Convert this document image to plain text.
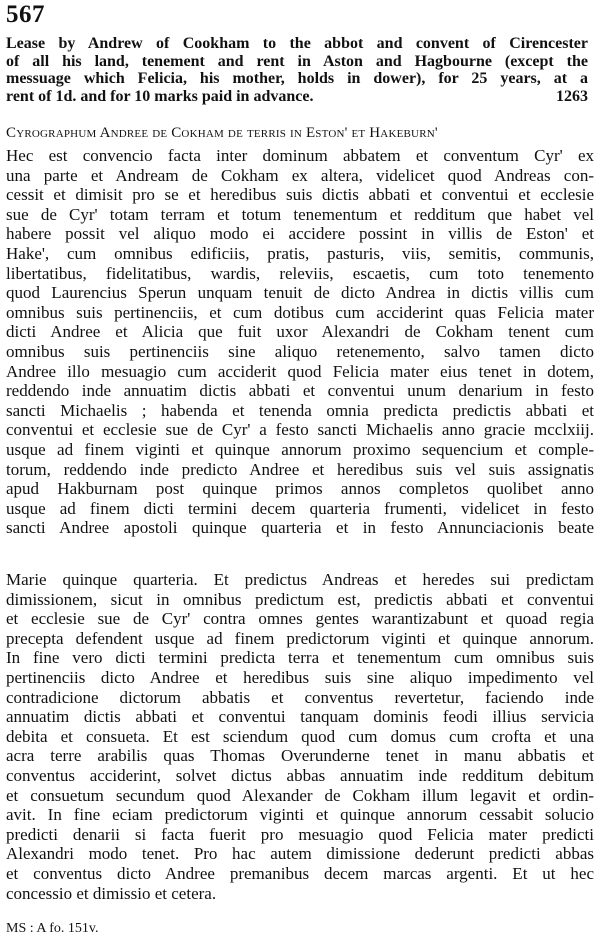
567
Lease by Andrew of Cookham to the abbot and convent of Cirencester
of all his land, tenement and rent in Aston and Hagbourne (except the
messuage which Felicia, his mother, holds in dower), for 25 years, at a
rent of 1d. and for 10 marks paid in advance.	1263
Cyrographum Andree de Cokham de terris in Eston' et Hakeburn'
Hec est convencio facta inter dominum abbatem et conventum Cyr' ex
una parte et Andream de Cokham ex altera, videlicet quod Andreas con-
cessit et dimisit pro se et heredibus suis dictis abbati et conventui et ecclesie
sue de Cyr' totam terram et totum tenementum et redditum que habet vel
habere possit vel aliquo modo ei accidere possint in villis de Eston' et
Hake', cum omnibus edificiis, pratis, pasturis, viis, semitis, communis,
libertatibus, fidelitatibus, wardis, releviis, escaetis, cum toto tenemento
quod Laurencius Sperun unquam tenuit de dicto Andrea in dictis villis cum
omnibus suis pertinenciis, et cum dotibus cum acciderint quas Felicia mater
dicti Andree et Alicia que fuit uxor Alexandri de Cokham tenent cum
omnibus suis pertinenciis sine aliquo retenemento, salvo tamen dicto
Andree illo mesuagio cum acciderit quod Felicia mater eius tenet in dotem,
reddendo inde annuatim dictis abbati et conventui unum denarium in festo
sancti Michaelis ; habenda et tenenda omnia predicta predictis abbati et
conventui et ecclesie sue de Cyr' a festo sancti Michaelis anno gracie mcclxiij.
usque ad finem viginti et quinque annorum proximo sequencium et comple-
torum, reddendo inde predicto Andree et heredibus suis vel suis assignatis
apud Hakburnam post quinque primos annos completos quolibet anno
usque ad finem dicti termini decem quarteria frumenti, videlicet in festo
sancti Andree apostoli quinque quarteria et in festo Annunciacionis beate
Marie quinque quarteria. Et predictus Andreas et heredes sui predictam
dimissionem, sicut in omnibus predictum est, predictis abbati et conventui
et ecclesie sue de Cyr' contra omnes gentes warantizabunt et quoad regia
precepta defendent usque ad finem predictorum viginti et quinque annorum.
In fine vero dicti termini predicta terra et tenementum cum omnibus suis
pertinenciis dicto Andree et heredibus suis sine aliquo impedimento vel
contradicione dictorum abbatis et conventus revertetur, faciendo inde
annuatim dictis abbati et conventui tanquam dominis feodi illius servicia
debita et consueta. Et est sciendum quod cum domus cum crofta et una
acra terre arabilis quas Thomas Overunderne tenet in manu abbatis et
conventus acciderint, solvet dictus abbas annuatim inde redditum debitum
et consuetum secundum quod Alexander de Cokham illum legavit et ordin-
avit. In fine eciam predictorum viginti et quinque annorum cessabit solucio
predicti denarii si facta fuerit pro mesuagio quod Felicia mater predicti
Alexandri modo tenet. Pro hac autem dimissione dederunt predicti abbas
et conventus dicto Andree premanibus decem marcas argenti. Et ut hec
concessio et dimissio et cetera.
MS : A fo. 151v.
